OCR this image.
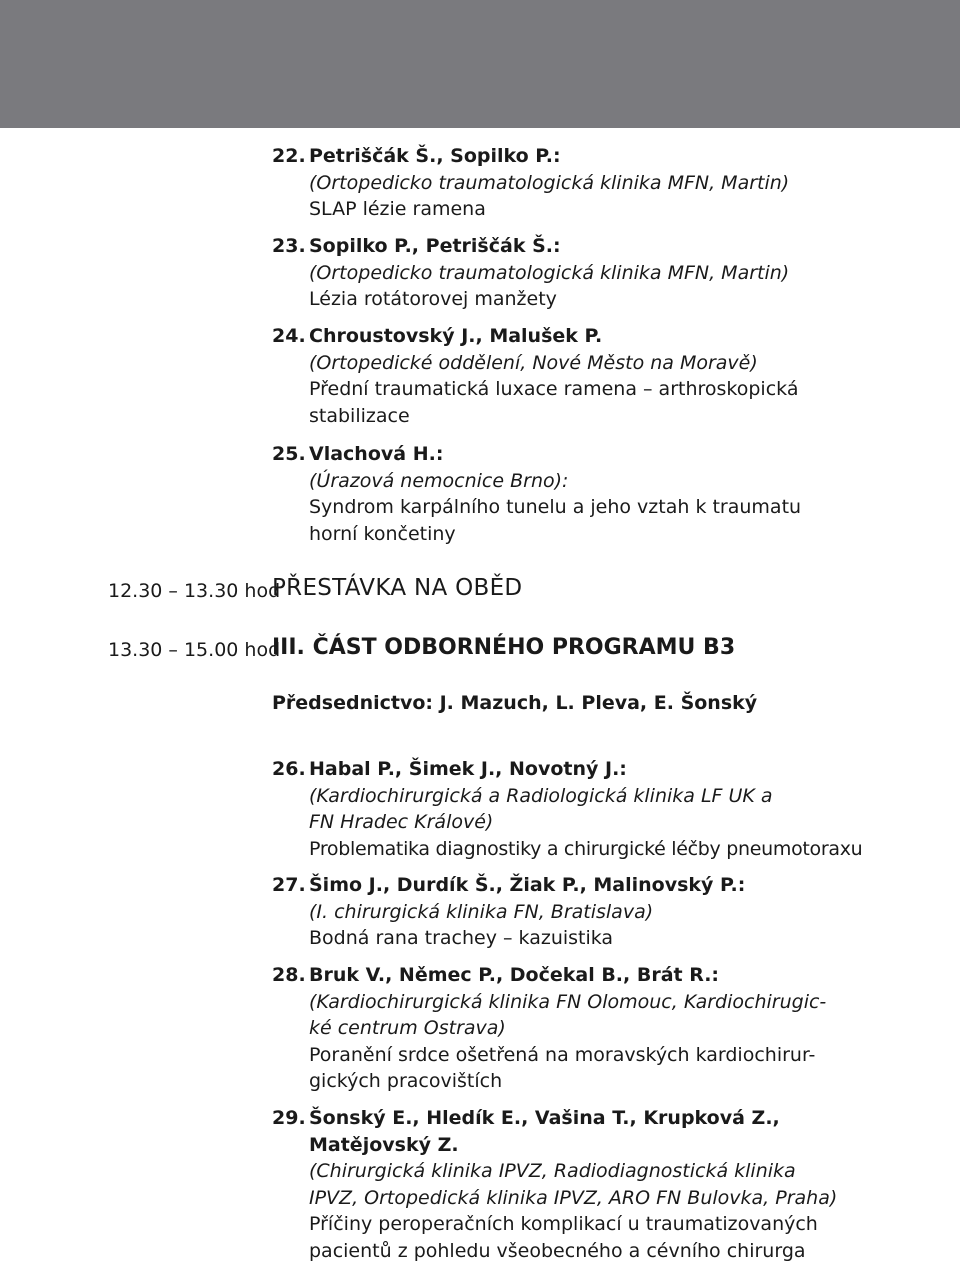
22. Petriščák Š., Sopilko P.:
(Ortopedicko traumatologická klinika MFN, Martin)
SLAP lézie ramena
23. Sopilko P., Petriščák Š.:
(Ortopedicko traumatologická klinika MFN, Martin)
Lézia rotátorovej manžety
24. Chroustovský J., Malušek P.
(Ortopedické oddělení, Nové Město na Moravě)
Přední traumatická luxace ramena – arthroskopická
stabilizace
25. Vlachová H.:
(Úrazová nemocnice Brno):
Syndrom karpálního tunelu a jeho vztah k traumatu
horní končetiny
12.30 – 13.30 hod
PŘESTÁVKA NA OBĚD
13.30 – 15.00 hod
III. ČÁST ODBORNÉHO PROGRAMU B3
Předsednictvo: J. Mazuch, L. Pleva, E. Šonský
26. Habal P., Šimek J., Novotný J.:
(Kardiochirurgická a Radiologická klinika LF UK a
FN Hradec Králové)
Problematika diagnostiky a chirurgické léčby pneumotoraxu
27. Šimo J., Durdík Š., Žiak P., Malinovský P.:
(I. chirurgická klinika FN, Bratislava)
Bodná rana trachey – kazuistika
28. Bruk V., Němec P., Dočekal B., Brát R.:
(Kardiochirurgická klinika FN Olomouc, Kardiochirugic-
ké centrum Ostrava)
Poranění srdce ošetřená na moravských kardiochirur-
gických pracovištích
29. Šonský E., Hledík E., Vašina T., Krupková Z.,
Matějovský Z.
(Chirurgická klinika IPVZ, Radiodiagnostická klinika
IPVZ, Ortopedická klinika IPVZ, ARO FN Bulovka, Praha)
Příčiny peroperačních komplikací u traumatizovaných
pacientů z pohledu všeobecného a cévního chirurga
